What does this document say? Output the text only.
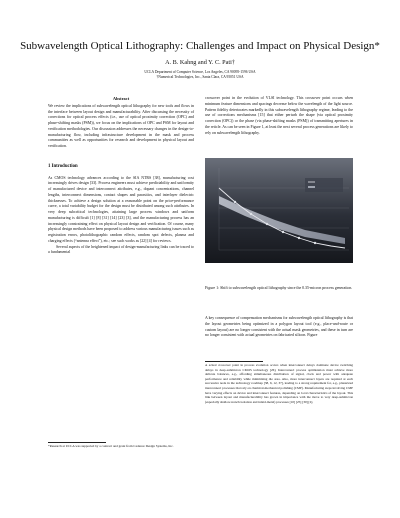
Subwavelength Optical Lithography: Challenges and Impact on Physical Design*
A. B. Kahng and Y. C. Pati†
UCLA Department of Computer Science, Los Angeles, CA 90095-1596 USA
†Numerical Technologies, Inc., Santa Clara, CA 95051 USA
Abstract

We review the implications of subwavelength optical lithography for new tools and flows in the interface between layout design and manufacturability. After discussing the necessity of corrections for optical process effects (i.e., use of optical proximity correction (OPC) and phase-shifting masks (PSM)), we focus on the implications of OPC and PSM for layout and verification methodologies. Our discussion addresses the necessary changes in the design-to-manufacturing flow, including infrastructure development in the mask and process communities as well as opportunities for research and development in physical layout and verification.

1 Introduction

As CMOS technology advances according to the SIA NTRS [38], manufacturing cost increasingly drives design [33]. Process engineers must achieve predictability and uniformity of manufactured device and interconnect attributes, e.g., dopant concentrations, channel lengths, interconnect dimensions, contact shapes and parasitics, and interlayer dielectric thicknesses. To achieve a design solution at a reasonable point on the price-performance curve, a total variability budget for the design must be distributed among such attributes. In very deep subcritical technologies, attaining large process windows and uniform manufacturing is difficult [1] [8] [31] [14] [23] [3], and the manufacturing process has an increasingly constraining effect on physical layout design and verification. Of course, many physical design methods have been proposed to address various manufacturing issues such as registration errors, photolithographic random effects, random spot defects, plasma and charging effects (“antenna effect”), etc.; see such works as [22] [4] for reviews.

Several aspects of the heightened impact of design-manufacturing links can be traced to a fundamental

*Research at UCLA was supported by a contract and grant from Cadence Design Systems, Inc.

crossover point in the evolution of VLSI technology. This crossover point occurs when minimum feature dimensions and spacings decrease below the wavelength of the light source. Pattern fidelity deteriorates markedly in this subwavelength lithography regime, leading to the use of corrections mechanisms [15] that either perturb the shape (via optical proximity correction (OPC)) or the phase (via phase-shifting masks (PSM)) of transmitting apertures in the reticle. As can be seen in Figure 1, at least the next several process generations are likely to rely on subwavelength lithography.

Figure 1: Shift to subwavelength optical lithography since the 0.35-micron process generation.

A key consequence of compensation mechanisms for subwavelength optical lithography is that the layout geometries being optimized in a polygon layout tool (e.g., place-and-route or custom layout) are no longer consistent with the actual mask geometries, and these in turn are no longer consistent with actual geometries on fabricated silicon. Figure

A actual crossover point in process evolution occurs when interconnect delays dominate device switching delays in deep-submicron CMOS technology [26]. Interconnect process optimization must achieve more delicate balances, e.g., affording simultaneous distribution of signal, clock and power with adequate performance and reliability while minimizing die area. Also, more interconnect layers are required at each successive node in the technology roadmap [38, 6, 12, 37], leading to a strong requirement for, e.g., planarized interconnect processes that rely on chemical-mechanical polishing (CMP). Manufacturing steps involving CMP have varying effects on device and interconnect features, depending on local characteristics of the layout. This link between layout and manufacturability has grown in importance with the move to very deep-submicron (especially shallow-trench isolation and inlaid-metal) processes [10] [25] [30] [2].
